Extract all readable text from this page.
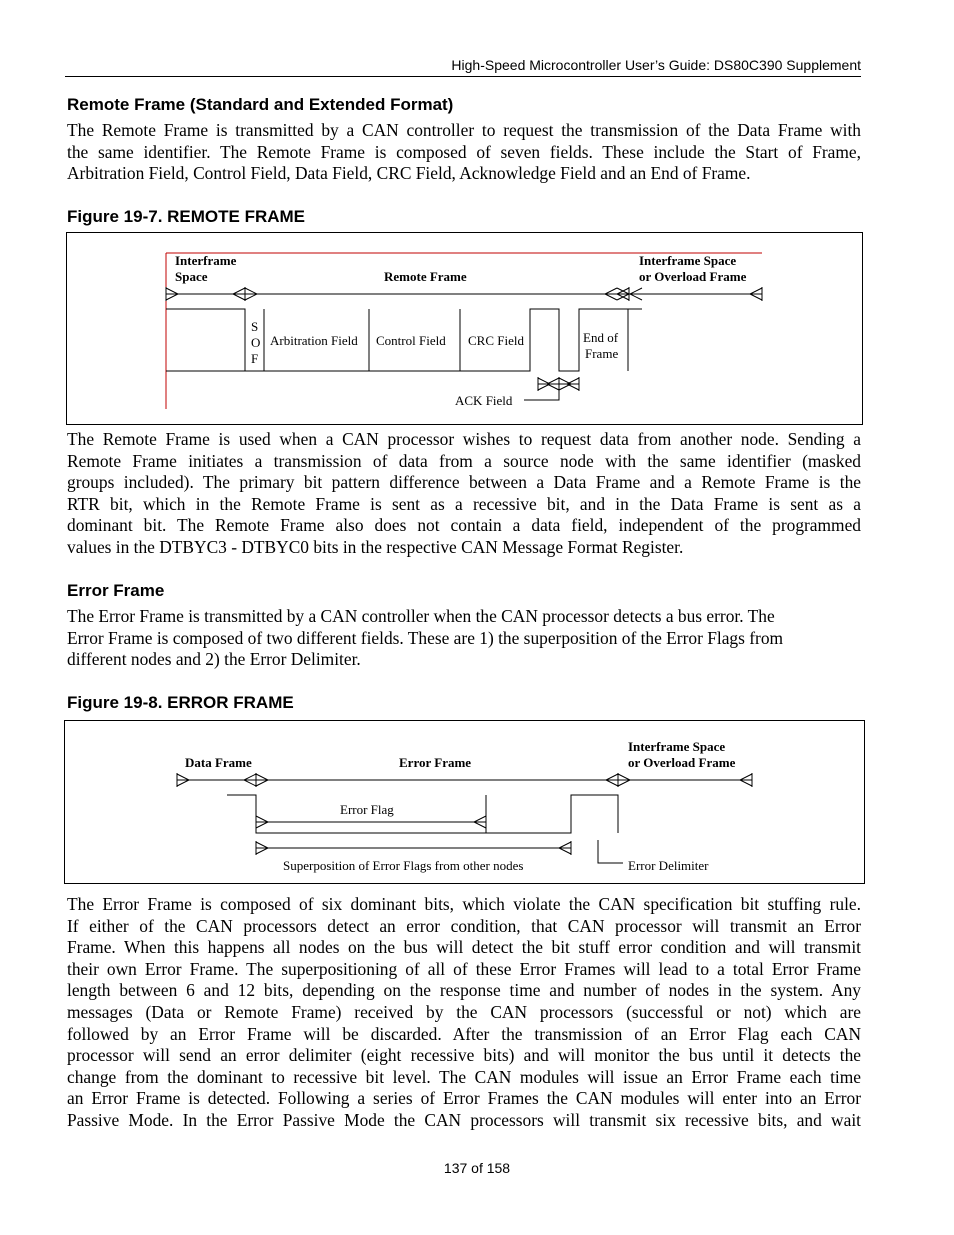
High-Speed Microcontroller User’s Guide: DS80C390 Supplement
Remote Frame (Standard and Extended Format)
The Remote Frame is transmitted by a CAN controller to request the transmission of the Data Frame with
the same identifier. The Remote Frame is composed of seven fields. These include the Start of Frame,
Arbitration Field, Control Field, Data Field, CRC Field, Acknowledge Field and an End of Frame.
Figure 19-7. REMOTE FRAME
Interframe
Space	Remote Frame
Interframe Space
or Overload Frame
S
O
F
Arbitration Field Control Field CRC Field	End of
Frame
ACK Field
The Remote Frame is used when a CAN processor wishes to request data from another node. Sending a
Remote Frame initiates a transmission of data from a source node with the same identifier (masked
groups included). The primary bit pattern difference between a Data Frame and a Remote Frame is the
RTR bit, which in the Remote Frame is sent as a recessive bit, and in the Data Frame is sent as a
dominant bit. The Remote Frame also does not contain a data field, independent of the programmed
values in the DTBYC3 - DTBYC0 bits in the respective CAN Message Format Register.
Error Frame
The Error Frame is transmitted by a CAN controller when the CAN processor detects a bus error. The
Error Frame is composed of two different fields. These are 1) the superposition of the Error Flags from
different nodes and 2) the Error Delimiter.
Figure 19-8. ERROR FRAME
Data Frame	Error Frame
Interframe Space
or Overload Frame
Error Flag
Superposition of Error Flags from other nodes	Error Delimiter
The Error Frame is composed of six dominant bits, which violate the CAN specification bit stuffing rule.
If either of the CAN processors detect an error condition, that CAN processor will transmit an Error
Frame. When this happens all nodes on the bus will detect the bit stuff error condition and will transmit
their own Error Frame. The superpositioning of all of these Error Frames will lead to a total Error Frame
length between 6 and 12 bits, depending on the response time and number of nodes in the system. Any
messages (Data or Remote Frame) received by the CAN processors (successful or not) which are
followed by an Error Frame will be discarded. After the transmission of an Error Flag each CAN
processor will send an error delimiter (eight recessive bits) and will monitor the bus until it detects the
change from the dominant to recessive bit level. The CAN modules will issue an Error Frame each time
an Error Frame is detected. Following a series of Error Frames the CAN modules will enter into an Error
Passive Mode. In the Error Passive Mode the CAN processors will transmit six recessive bits, and wait
137 of 158
